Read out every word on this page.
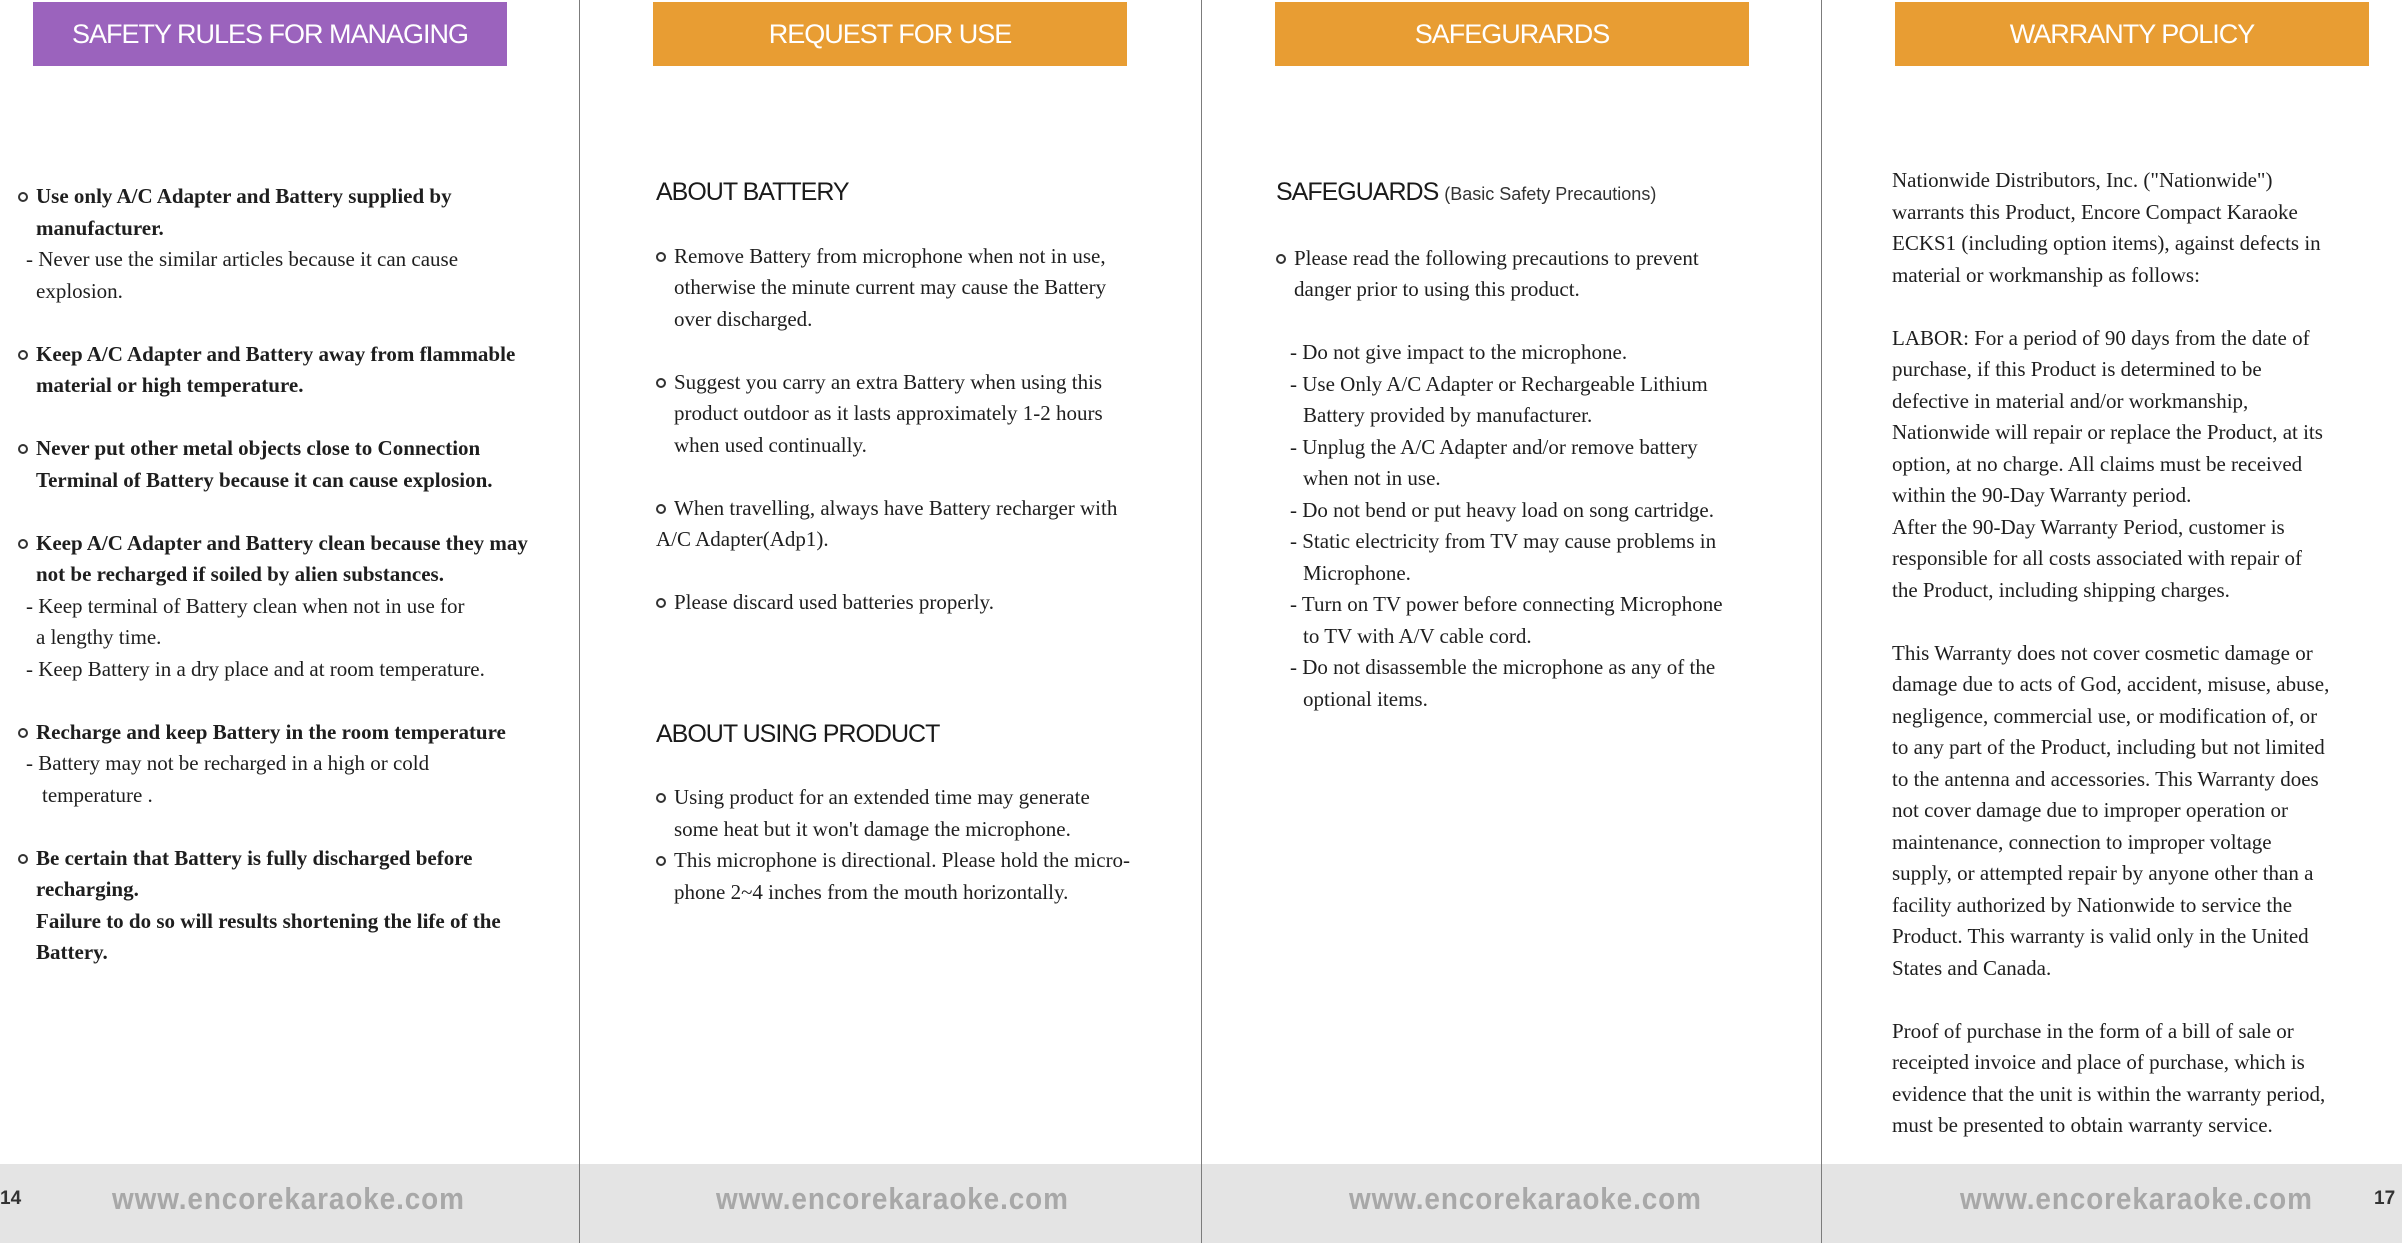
SAFETY RULES FOR MANAGING BATTERY

Use only A/C Adapter and Battery supplied by

manufacturer.

- Never use the similar articles because it can cause

explosion.

Keep A/C Adapter and Battery away from flammable

material or high temperature.

Never put other metal objects close to Connection

Terminal of Battery because it can cause explosion.

Keep A/C Adapter and Battery clean because they may

not be recharged if soiled by alien substances.

- Keep terminal of Battery clean when not in use for

a lengthy time.

- Keep Battery in a dry place and at room temperature.

Recharge and keep Battery in the room temperature

- Battery may not be recharged in a high or cold

temperature .

Be certain that Battery is fully discharged before recharging.

Failure to do so will results shortening the life of the

Battery.

14	www.encorekaraoke.com
REQUEST FOR USE

ABOUT BATTERY

Remove Battery from microphone when not in use,

otherwise the minute current may cause the Battery

over discharged.

Suggest you carry an extra Battery when using this

product outdoor as it lasts approximately 1-2 hours

when used continually.

When travelling, always have Battery recharger with

A/C Adapter(Adp1).

Please discard used batteries properly.

ABOUT USING PRODUCT

Using product for an extended time may generate

some heat but it won't damage the microphone.

This microphone is directional. Please hold the micro-

phone 2~4 inches from the mouth horizontally.

www.encorekaraoke.com
SAFEGURARDS

SAFEGUARDS (Basic Safety Precautions)

Please read the following precautions to prevent

danger prior to using this product.

- Do not give impact to the microphone.

- Use Only A/C Adapter or Rechargeable Lithium

Battery provided by manufacturer.

- Unplug the A/C Adapter and/or remove battery

when not in use.

- Do not bend or put heavy load on song cartridge.

- Static electricity from TV may cause problems in

Microphone.

- Turn on TV power before connecting Microphone

to TV with A/V cable cord.

- Do not disassemble the microphone as any of the

optional items.

www.encorekaraoke.com
WARRANTY POLICY

Nationwide Distributors, Inc. ("Nationwide")

warrants this Product, Encore Compact Karaoke

ECKS1 (including option items), against defects in

material or workmanship as follows:

LABOR: For a period of 90 days from the date of

purchase, if this Product is determined to be

defective in material and/or workmanship,

Nationwide will repair or replace the Product, at its

option, at no charge. All claims must be received

within the 90-Day Warranty period.

After the 90-Day Warranty Period, customer is

responsible for all costs associated with repair of

the Product, including shipping charges.

This Warranty does not cover cosmetic damage or

damage due to acts of God, accident, misuse, abuse,

negligence, commercial use, or modification of, or

to any part of the Product, including but not limited

to the antenna and accessories. This Warranty does

not cover damage due to improper operation or

maintenance, connection to improper voltage

supply, or attempted repair by anyone other than a

facility authorized by Nationwide to service the

Product. This warranty is valid only in the United

States and Canada.

Proof of purchase in the form of a bill of sale or

receipted invoice and place of purchase, which is

evidence that the unit is within the warranty period,

must be presented to obtain warranty service.

www.encorekaraoke.com	17
